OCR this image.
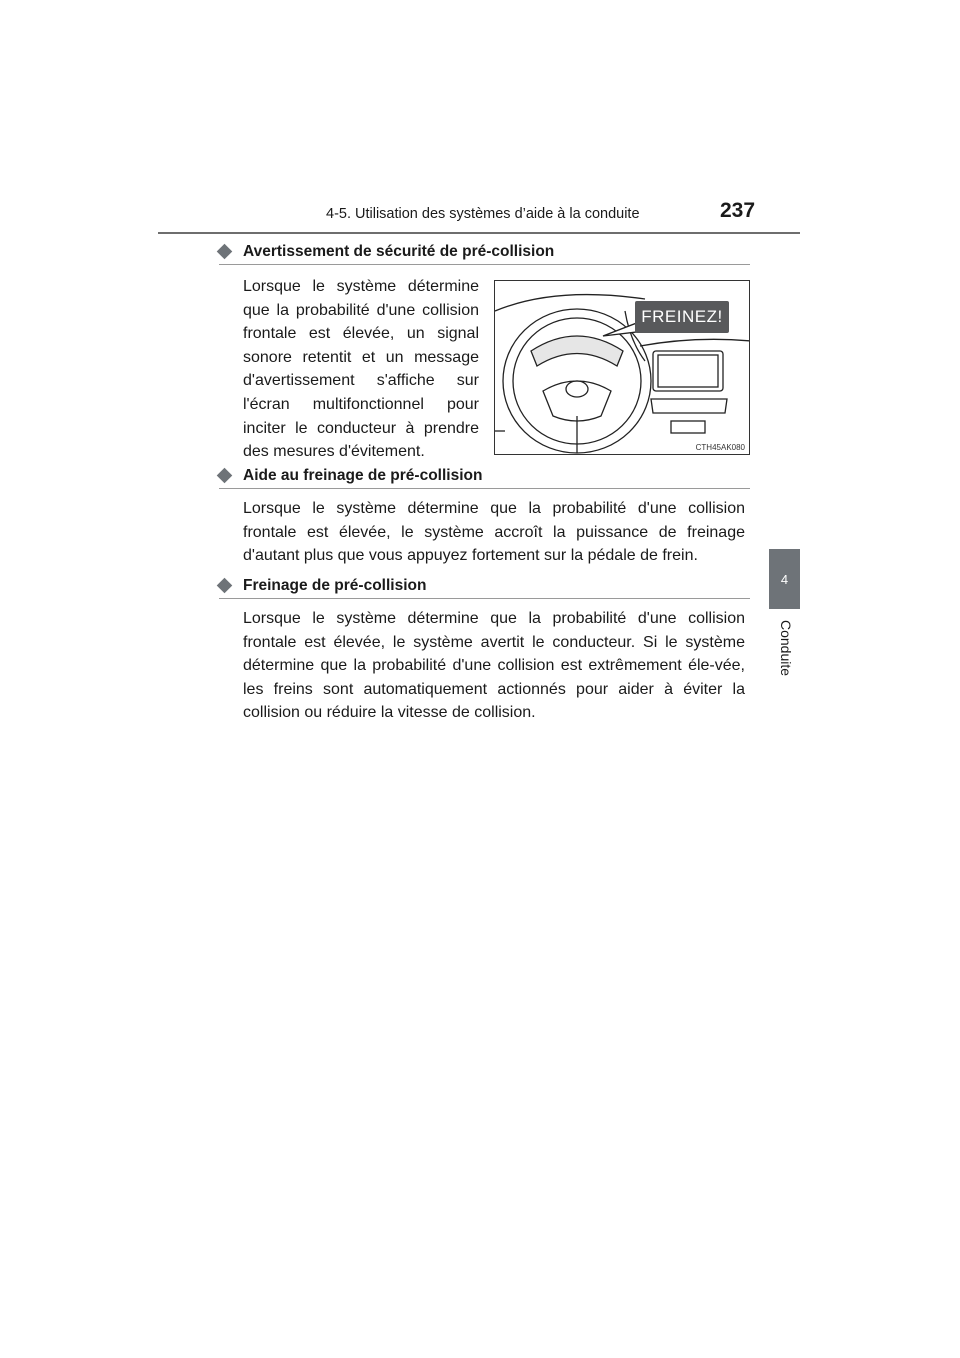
4-5. Utilisation des systèmes d’aide à la conduite	237
4
Conduite
Avertissement de sécurité de pré-collision

Lorsque le système détermine que la probabilité d'une collision frontale est élevée, un signal sonore retentit et un message d'avertissement s'affiche sur l'écran multifonctionnel pour inciter le conducteur à prendre des mesures d'évitement.

FREINEZ!
CTH45AK080
Aide au freinage de pré-collision

Lorsque le système détermine que la probabilité d'une collision frontale est élevée, le système accroît la puissance de freinage d'autant plus que vous appuyez fortement sur la pédale de frein.

Freinage de pré-collision

Lorsque le système détermine que la probabilité d'une collision frontale est élevée, le système avertit le conducteur. Si le système détermine que la probabilité d'une collision est extrêmement éle-vée, les freins sont automatiquement actionnés pour aider à éviter la collision ou réduire la vitesse de collision.
